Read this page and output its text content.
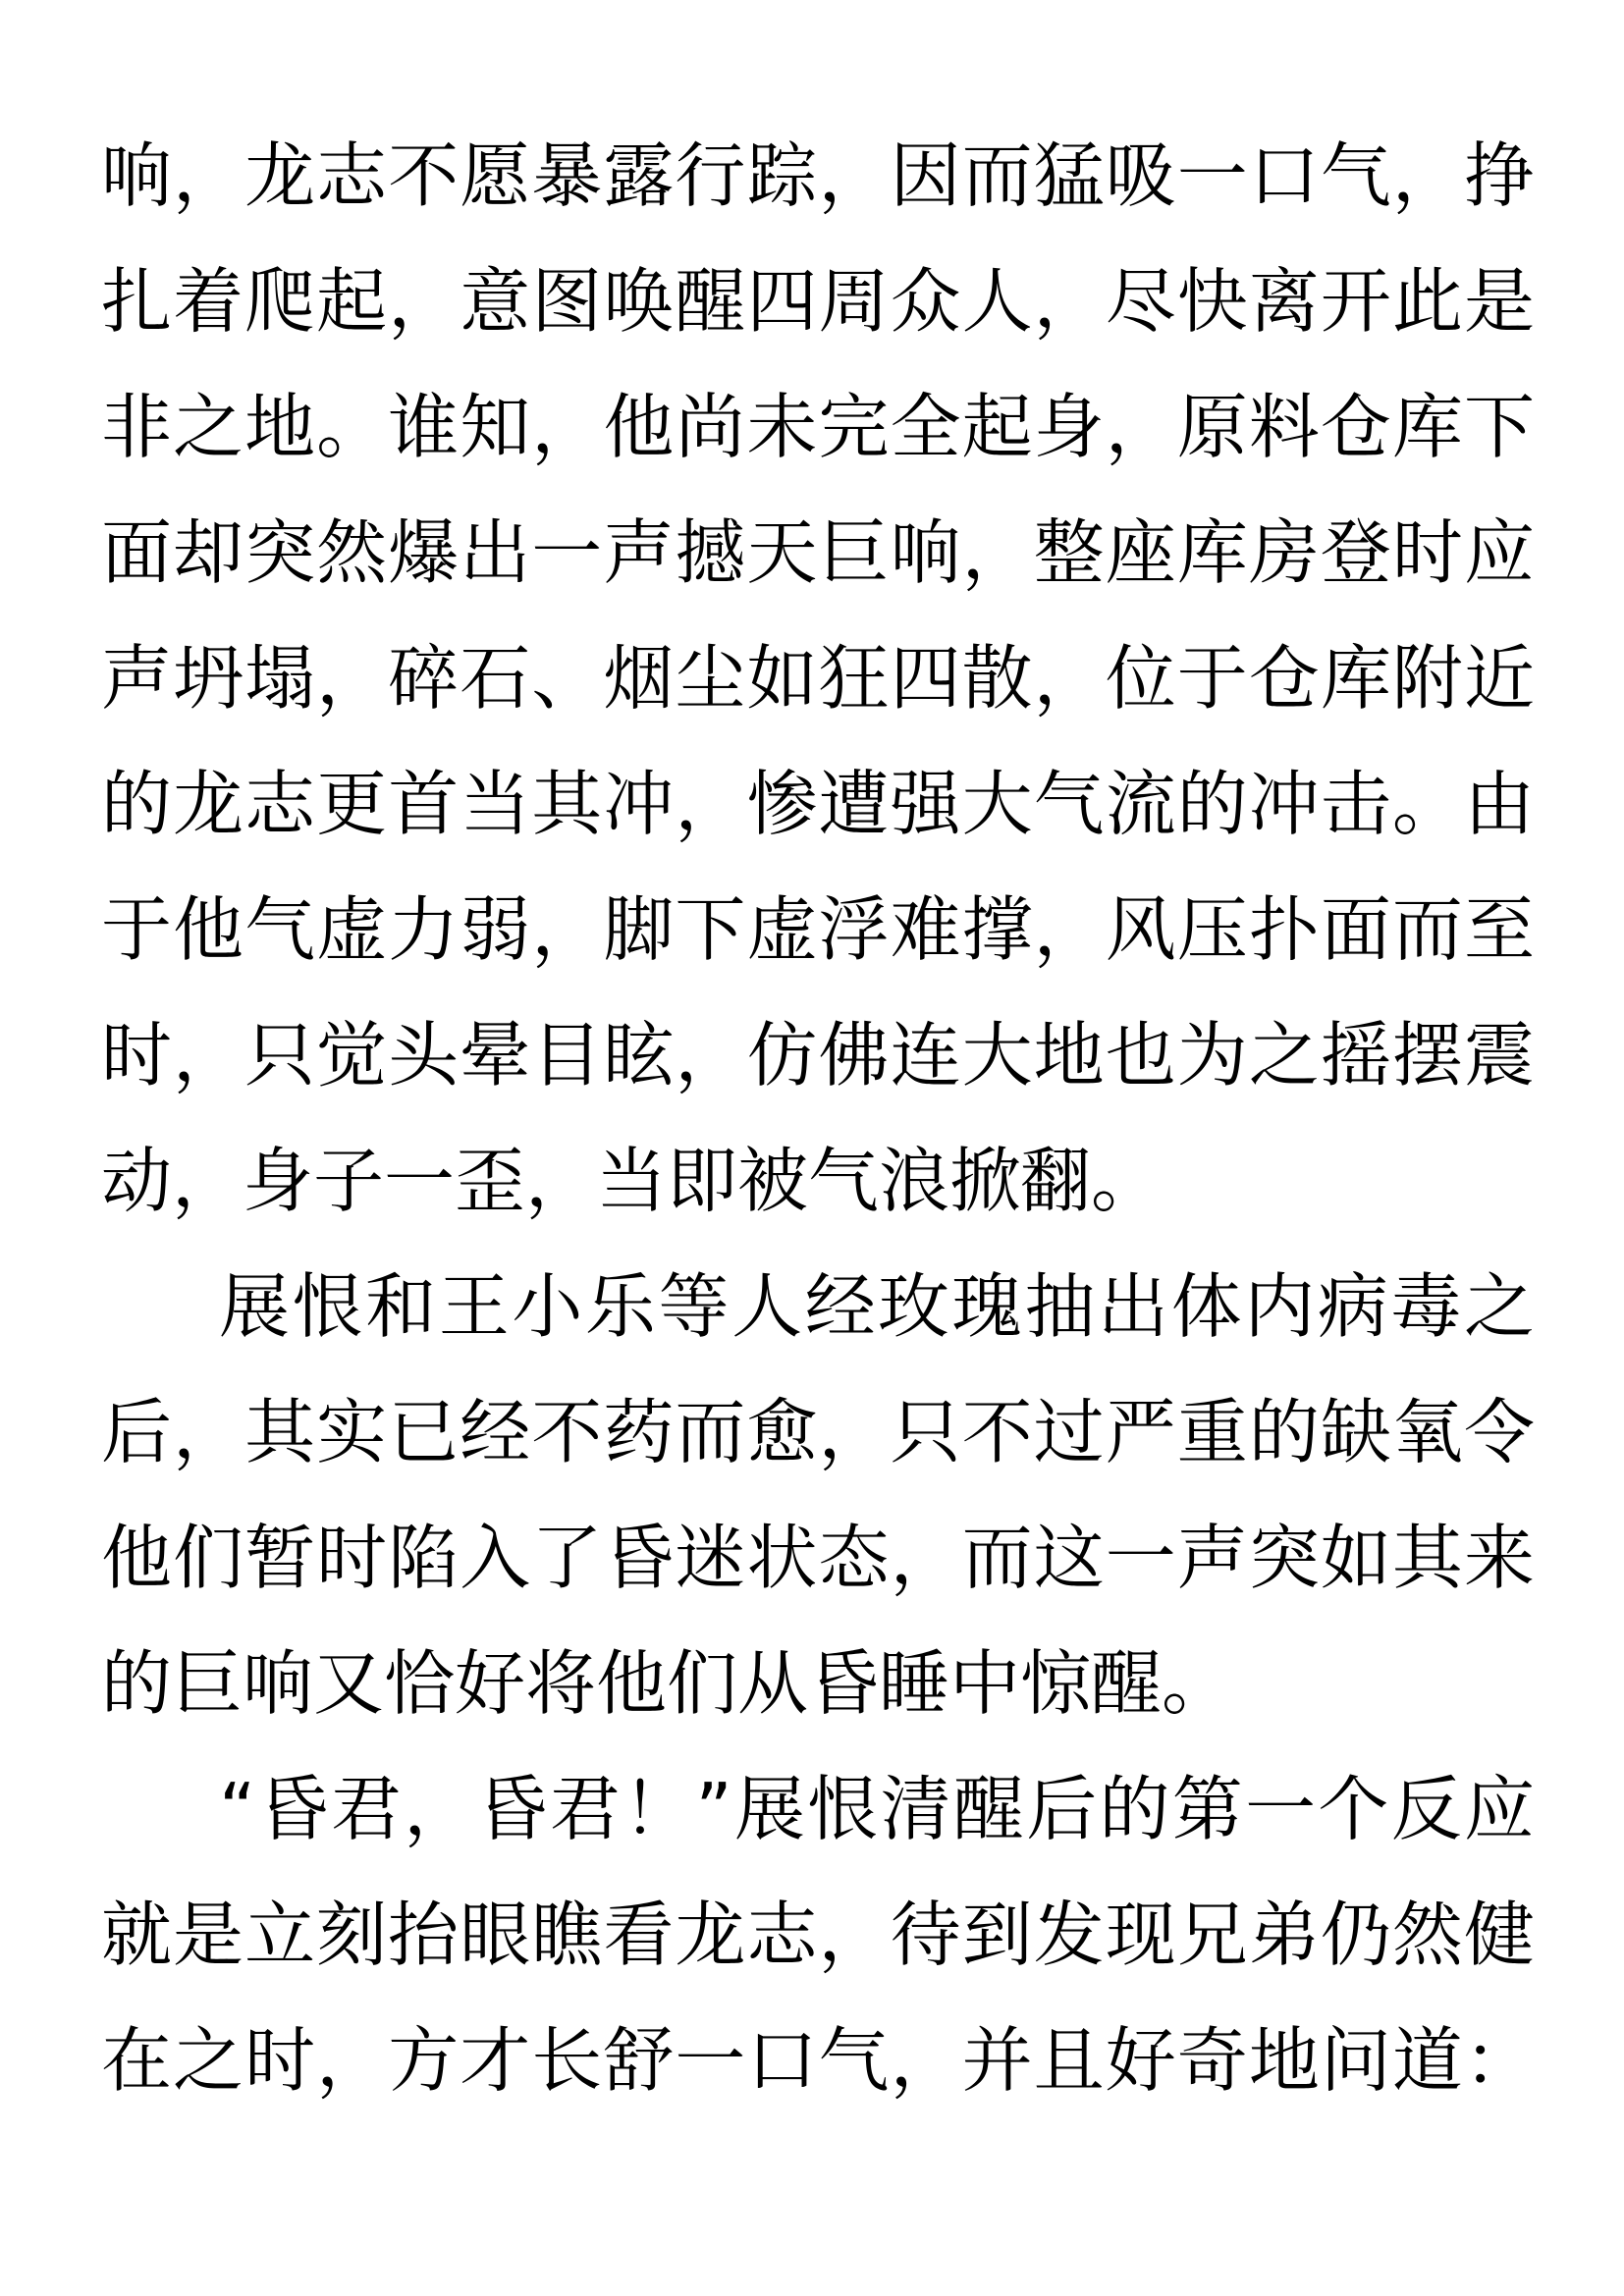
响，龙志不愿暴露行踪，因而猛吸一口气，挣
扎着爬起，意图唤醒四周众人，尽快离开此是
非之地。谁知，他尚未完全起身，原料仓库下
面却突然爆出一声撼天巨响，整座库房登时应
声坍塌，碎石、烟尘如狂四散，位于仓库附近
的龙志更首当其冲，惨遭强大气流的冲击。由
于他气虚力弱，脚下虚浮难撑，风压扑面而至
时，只觉头晕目眩，仿佛连大地也为之摇摆震
动，身子一歪，当即被气浪掀翻。
展恨和王小乐等人经玫瑰抽出体内病毒之
后，其实已经不药而愈，只不过严重的缺氧令
他们暂时陷入了昏迷状态，而这一声突如其来
的巨响又恰好将他们从昏睡中惊醒。
“昏君，昏君！”展恨清醒后的第一个反应
就是立刻抬眼瞧看龙志，待到发现兄弟仍然健
在之时，方才长舒一口气，并且好奇地问道：
